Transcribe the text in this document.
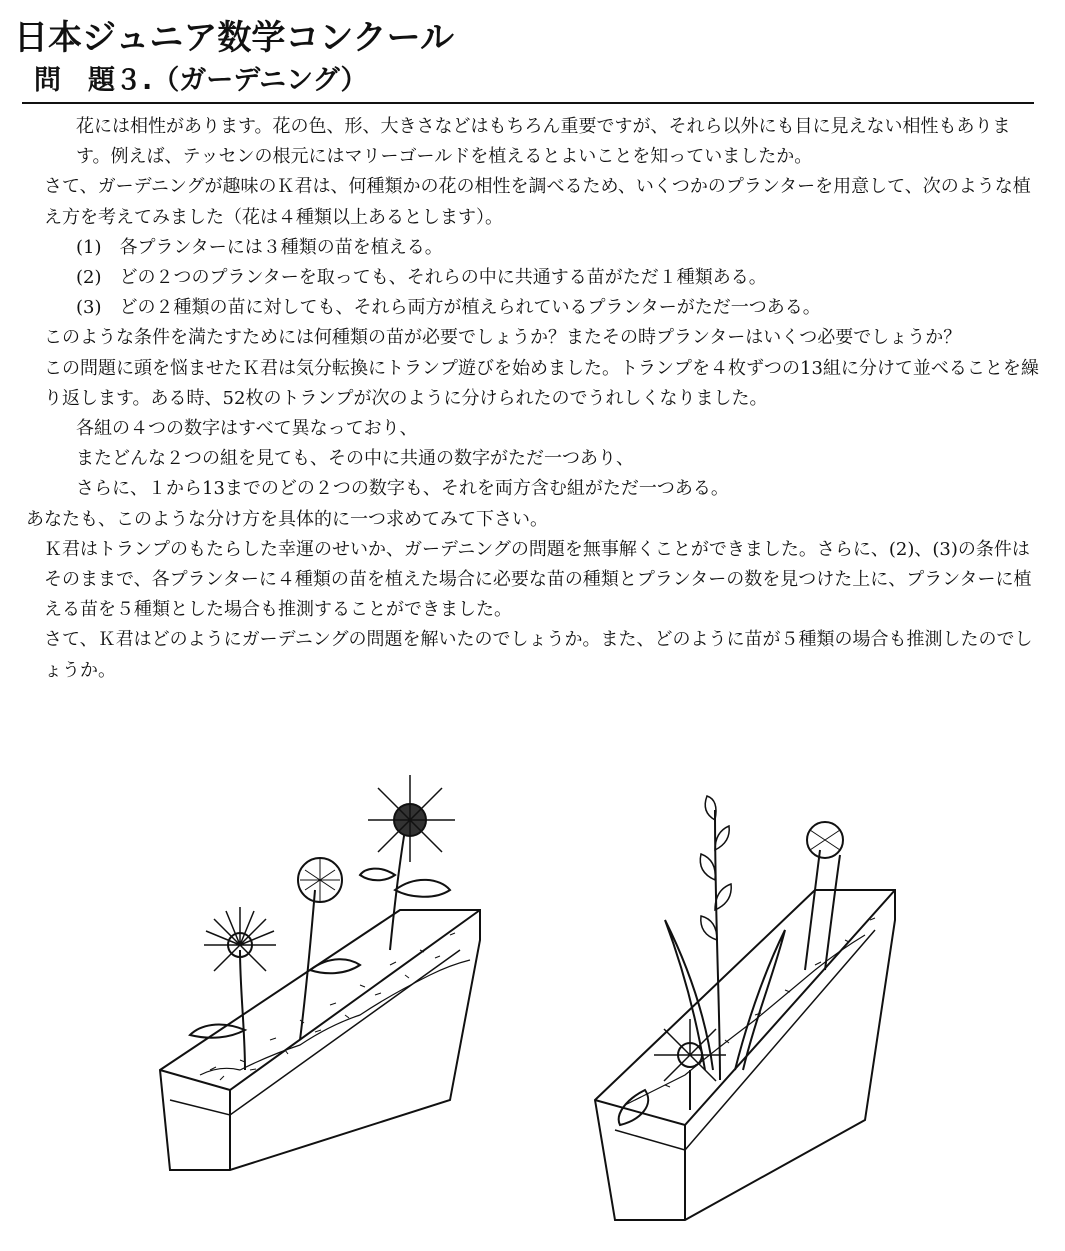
日本ジュニア数学コンクール
問　題３.（ガーデニング）

花には相性があります。花の色、形、大きさなどはもちろん重要ですが、それら以外にも目に見えない相性もあります。例えば、テッセンの根元にはマリーゴールドを植えるとよいことを知っていましたか。

さて、ガーデニングが趣味のＫ君は、何種類かの花の相性を調べるため、いくつかのプランターを用意して、次のような植え方を考えてみました（花は４種類以上あるとします）。

(1)　各プランターには３種類の苗を植える。

(2)　どの２つのプランターを取っても、それらの中に共通する苗がただ１種類ある。

(3)　どの２種類の苗に対しても、それら両方が植えられているプランターがただ一つある。

このような条件を満たすためには何種類の苗が必要でしょうか？またその時プランターはいくつ必要でしょうか？

この問題に頭を悩ませたＫ君は気分転換にトランプ遊びを始めました。トランプを４枚ずつの13組に分けて並べることを繰り返します。ある時、52枚のトランプが次のように分けられたのでうれしくなりました。

各組の４つの数字はすべて異なっており、

またどんな２つの組を見ても、その中に共通の数字がただ一つあり、

さらに、１から13までのどの２つの数字も、それを両方含む組がただ一つある。

あなたも、このような分け方を具体的に一つ求めてみて下さい。

Ｋ君はトランプのもたらした幸運のせいか、ガーデニングの問題を無事解くことができました。さらに、(2)、(3)の条件はそのままで、各プランターに４種類の苗を植えた場合に必要な苗の種類とプランターの数を見つけた上に、プランターに植える苗を５種類とした場合も推測することができました。

さて、Ｋ君はどのようにガーデニングの問題を解いたのでしょうか。また、どのように苗が５種類の場合も推測したのでしょうか。
